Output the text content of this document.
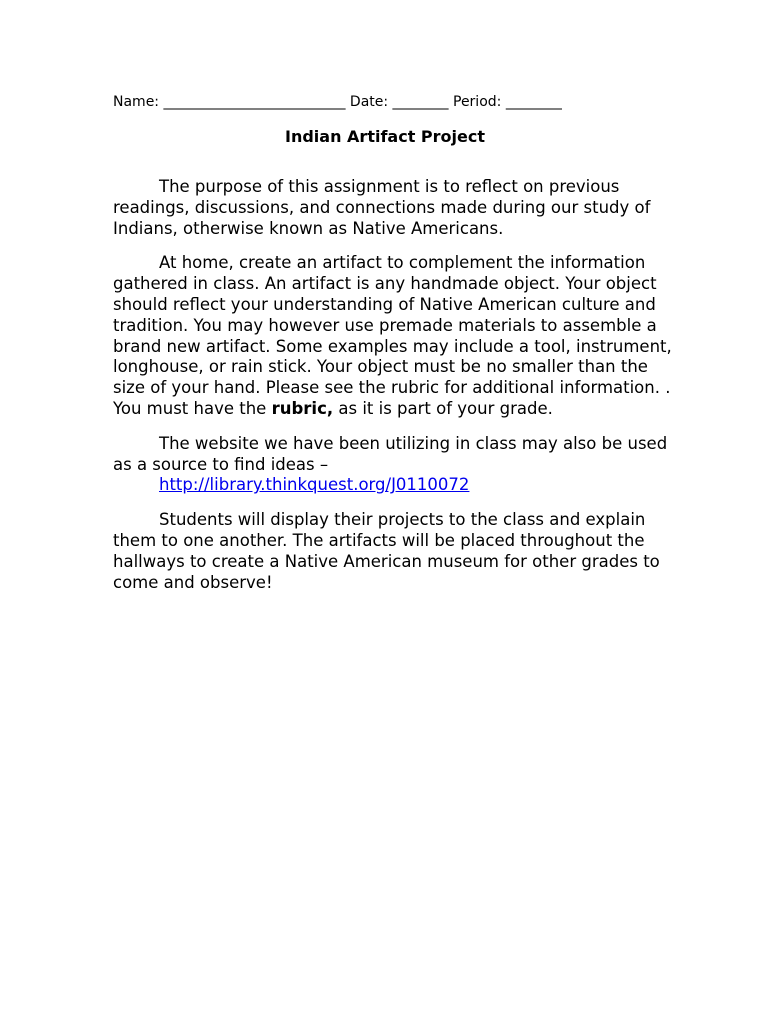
Name: __________________________ Date: ________ Period: ________
Indian Artifact Project

The purpose of this assignment is to reflect on previous readings, discussions, and connections made during our study of Indians, otherwise known as Native Americans.

At home, create an artifact to complement the information gathered in class. An artifact is any handmade object. Your object should reflect your understanding of Native American culture and tradition. You may however use premade materials to assemble a brand new artifact. Some examples may include a tool, instrument, longhouse, or rain stick. Your object must be no smaller than the size of your hand. Please see the rubric for additional information. . You must have the rubric, as it is part of your grade.

The website we have been utilizing in class may also be used as a source to find ideas –
http://library.thinkquest.org/J0110072

Students will display their projects to the class and explain them to one another. The artifacts will be placed throughout the hallways to create a Native American museum for other grades to come and observe!
